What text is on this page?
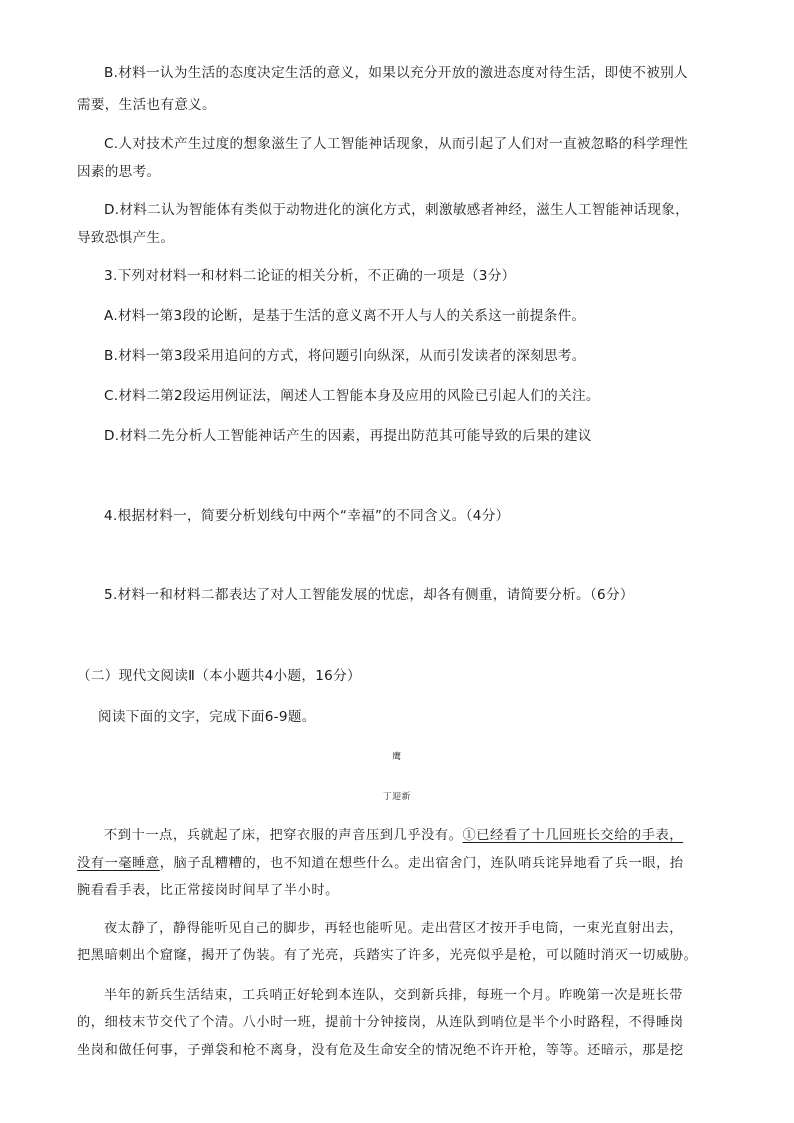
B.材料一认为生活的态度决定生活的意义，如果以充分开放的激进态度对待生活，即使不被别人
需要，生活也有意义。
C.人对技术产生过度的想象滋生了人工智能神话现象，从而引起了人们对一直被忽略的科学理性
因素的思考。
D.材料二认为智能体有类似于动物进化的演化方式，刺激敏感者神经，滋生人工智能神话现象，
导致恐惧产生。
3.下列对材料一和材料二论证的相关分析，不正确的一项是（3分）
A.材料一第3段的论断，是基于生活的意义离不开人与人的关系这一前提条件。
B.材料一第3段采用追问的方式，将问题引向纵深，从而引发读者的深刻思考。
C.材料二第2段运用例证法，阐述人工智能本身及应用的风险已引起人们的关注。
D.材料二先分析人工智能神话产生的因素，再提出防范其可能导致的后果的建议
4.根据材料一，简要分析划线句中两个“幸福”的不同含义。（4分）
5.材料一和材料二都表达了对人工智能发展的忧虑，却各有侧重，请简要分析。（6分）
（二）现代文阅读Ⅱ（本小题共4小题，16分）
阅读下面的文字，完成下面6-9题。
鹰
丁迎新
不到十一点，兵就起了床，把穿衣服的声音压到几乎没有。①已经看了十几回班长交给的手表，
没有一毫睡意，脑子乱糟糟的，也不知道在想些什么。走出宿舍门，连队哨兵诧异地看了兵一眼，抬
腕看看手表，比正常接岗时间早了半小时。
夜太静了，静得能听见自己的脚步，再轻也能听见。走出营区才按开手电筒，一束光直射出去，
把黑暗刺出个窟窿，揭开了伪装。有了光亮，兵踏实了许多，光亮似乎是枪，可以随时消灭一切威胁。
半年的新兵生活结束，工兵哨正好轮到本连队，交到新兵排，每班一个月。昨晚第一次是班长带
的，细枝末节交代了个清。八小时一班，提前十分钟接岗，从连队到哨位是半个小时路程，不得睡岗
坐岗和做任何事，子弹袋和枪不离身，没有危及生命安全的情况绝不许开枪，等等。还暗示，那是挖
